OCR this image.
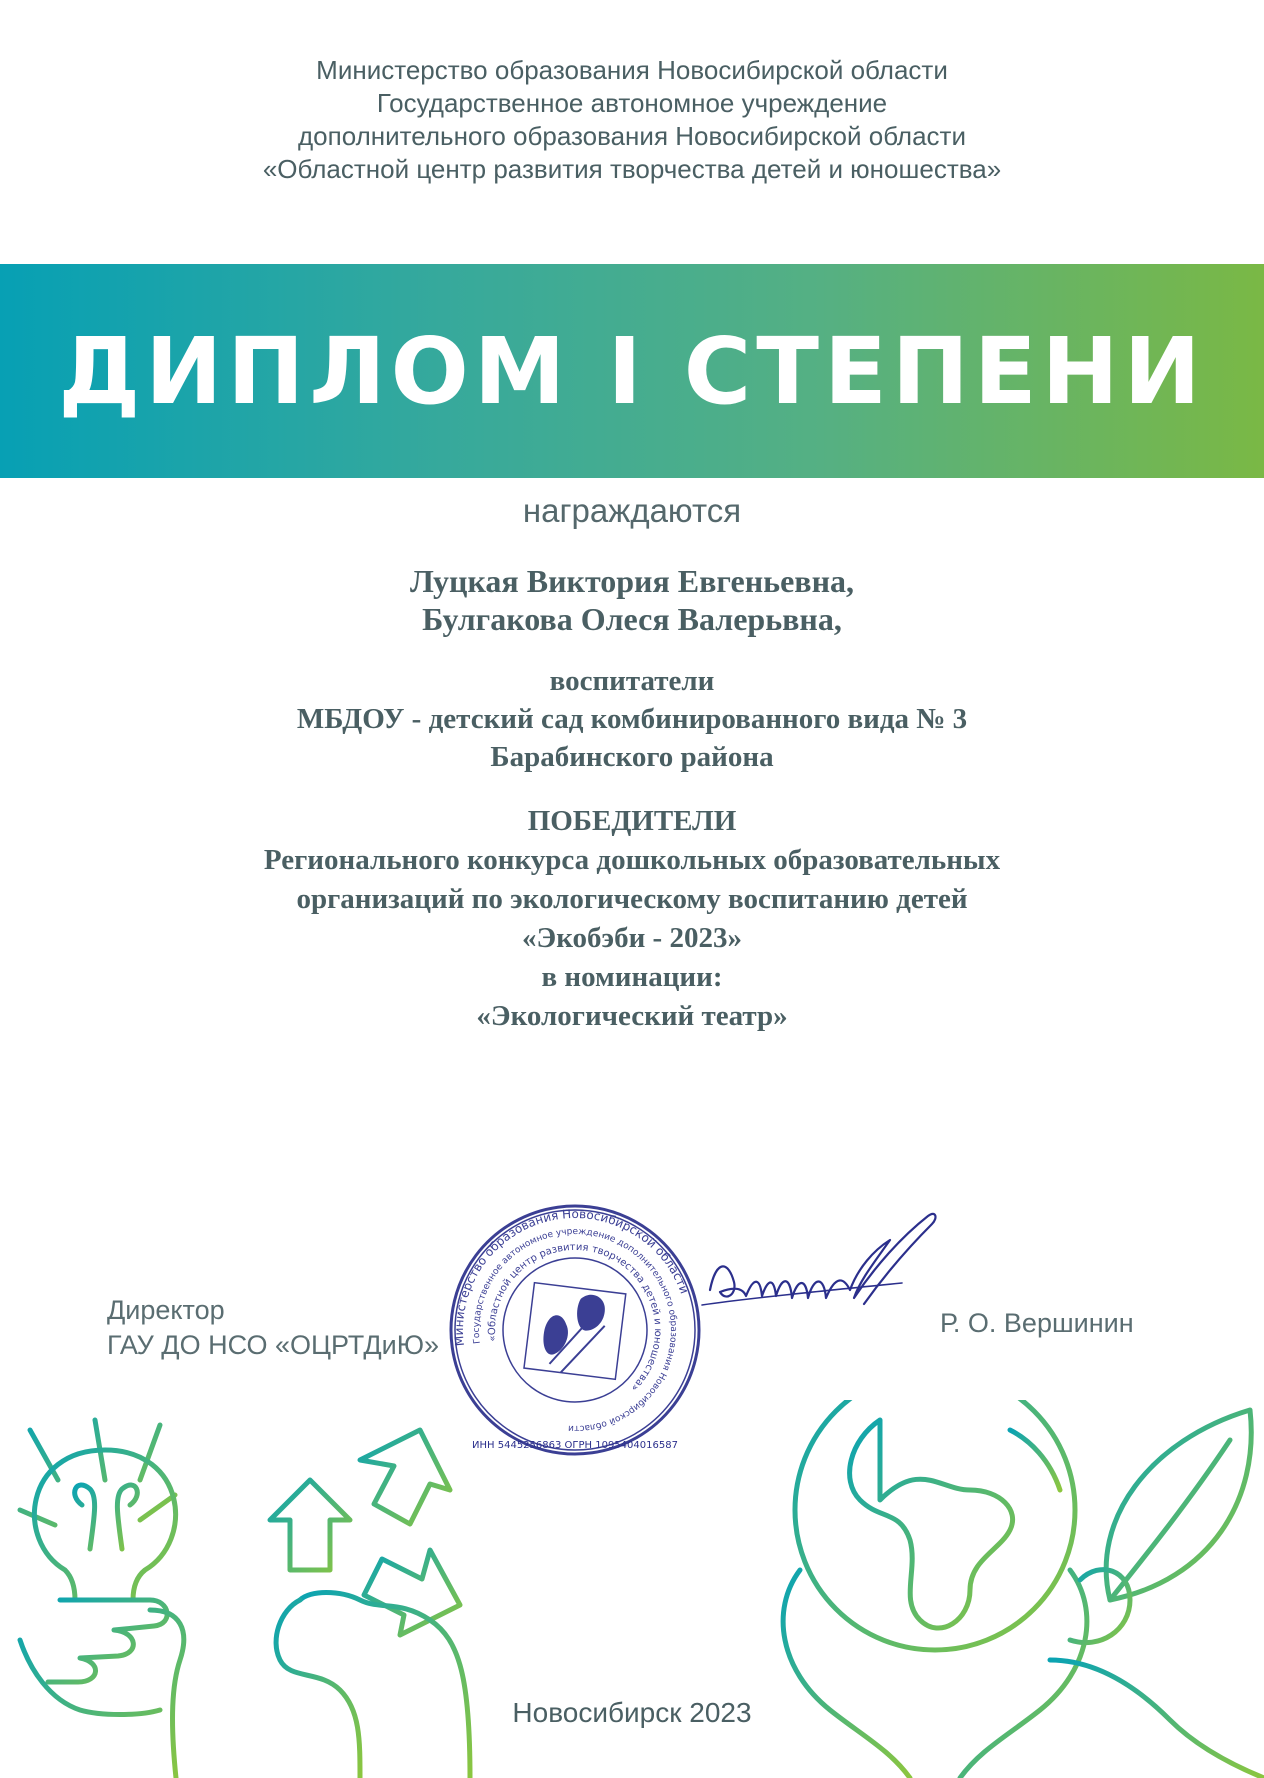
Министерство образования Новосибирской области
Государственное автономное учреждение
дополнительного образования Новосибирской области
«Областной центр развития творчества детей и юношества»
ДИПЛОМ I СТЕПЕНИ
награждаются
Луцкая Виктория Евгеньевна,
Булгакова Олеся Валерьвна,
воспитатели
МБДОУ - детский сад комбинированного вида № 3
Барабинского района
ПОБЕДИТЕЛИ
Регионального конкурса дошкольных образовательных
организаций по экологическому воспитанию детей
«Экобэби - 2023»
в номинации:
«Экологический театр»
Директор
ГАУ ДО НСО «ОЦРТДиЮ»	Министерство образования Новосибирской области
Государственное автономное учреждение дополнительного образования Новосибирской области
«Областной центр развития творчества детей и юношества»
ИНН 5445256863 ОГРН 1095404016587
Р. О. Вершинин
Новосибирск 2023
